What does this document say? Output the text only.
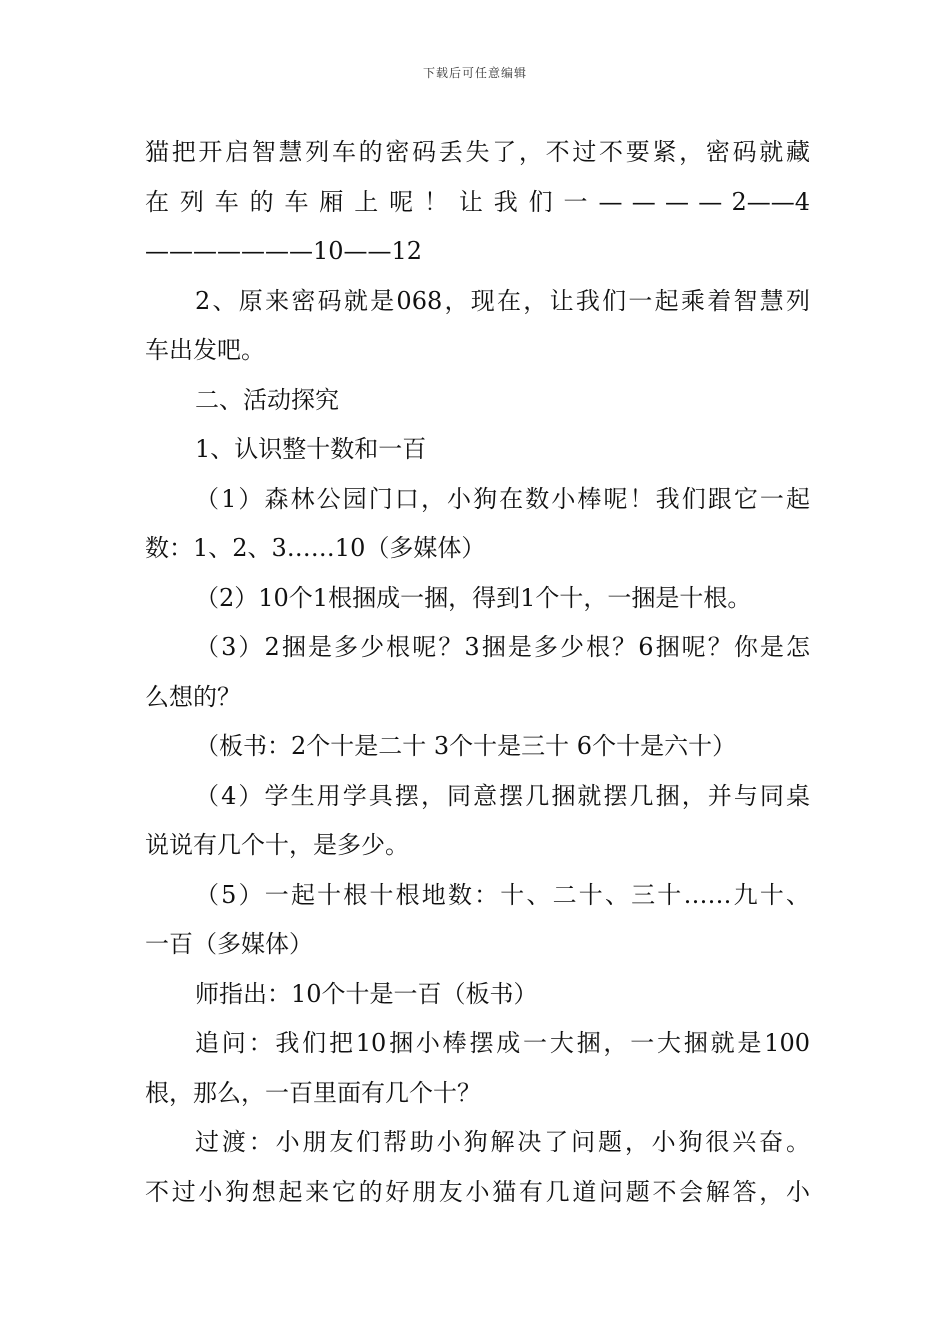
下载后可任意编辑
猫把开启智慧列车的密码丢失了，不过不要紧，密码就藏
在 列 车 的 车 厢 上 呢 ！ 让 我 们 一 — — — — 2——4
———————10——12
2、原来密码就是068，现在，让我们一起乘着智慧列
车出发吧。
二、活动探究
1、认识整十数和一百
（1）森林公园门口，小狗在数小棒呢！我们跟它一起
数：1、2、3……10（多媒体）
（2）10个1根捆成一捆，得到1个十，一捆是十根。
（3）2捆是多少根呢？3捆是多少根？6捆呢？你是怎
么想的？
（板书：2个十是二十 3个十是三十 6个十是六十）
（4）学生用学具摆，同意摆几捆就摆几捆，并与同桌
说说有几个十，是多少。
（5）一起十根十根地数：十、二十、三十……九十、
一百（多媒体）
师指出：10个十是一百（板书）
追问：我们把10捆小棒摆成一大捆，一大捆就是100
根，那么，一百里面有几个十？
过渡：小朋友们帮助小狗解决了问题，小狗很兴奋。
不过小狗想起来它的好朋友小猫有几道问题不会解答，小
